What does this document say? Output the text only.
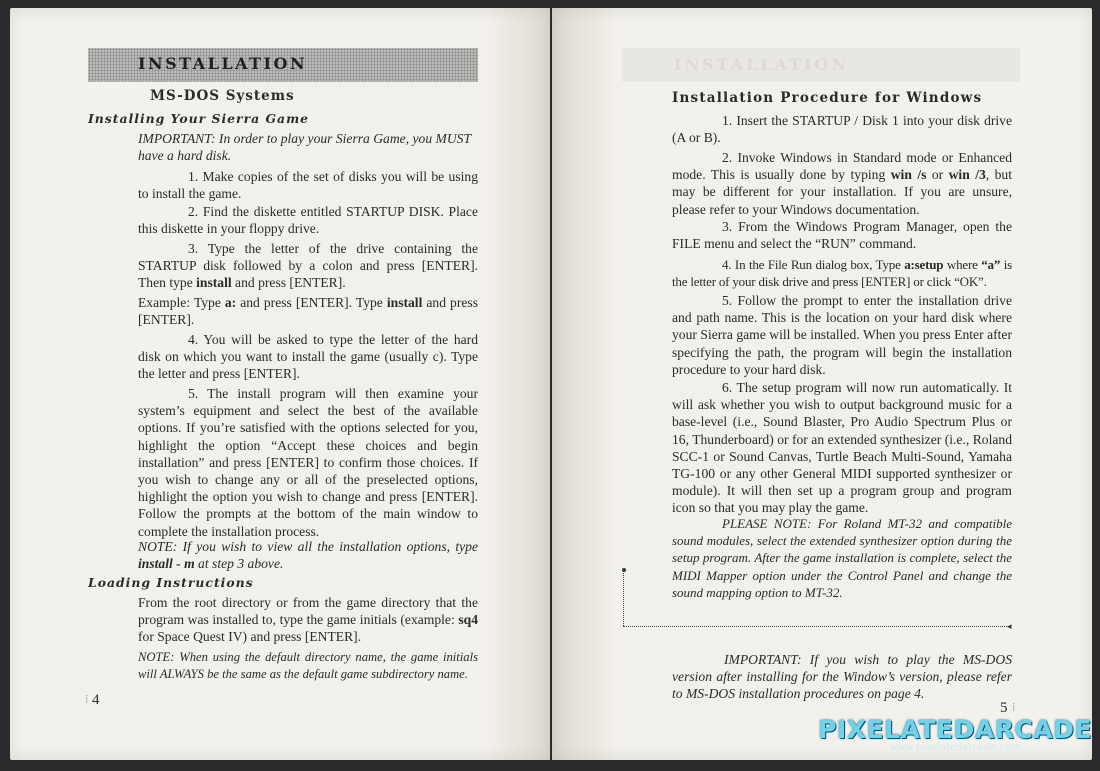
INSTALLATION
MS-DOS Systems
Installing Your Sierra Game
IMPORTANT: In order to play your Sierra Game, you MUST
have a hard disk.
1. Make copies of the set of disks you will be using to install the game.
2. Find the diskette entitled STARTUP DISK. Place this diskette in your floppy drive.
3. Type the letter of the drive containing the STARTUP disk followed by a colon and press [ENTER]. Then type install and press [ENTER].
Example: Type a: and press [ENTER]. Type install and press [ENTER].
4. You will be asked to type the letter of the hard disk on which you want to install the game (usually c). Type the letter and press [ENTER].
5. The install program will then examine your system’s equipment and select the best of the available options. If you’re satisfied with the options selected for you, highlight the option “Accept these choices and begin installation” and press [ENTER] to confirm those choices. If you wish to change any or all of the preselected options, highlight the option you wish to change and press [ENTER]. Follow the prompts at the bottom of the main window to complete the installation process.
NOTE: If you wish to view all the installation options, type install - m at step 3 above.
Loading Instructions
From the root directory or from the game directory that the program was installed to, type the game initials (example: sq4 for Space Quest IV) and press [ENTER].
NOTE: When using the default directory name, the game initials will ALWAYS be the same as the default game subdirectory name.
⁞ 4
INSTALLATION
Installation Procedure for Windows
1. Insert the STARTUP / Disk 1 into your disk drive (A or B).
2. Invoke Windows in Standard mode or Enhanced mode. This is usually done by typing win /s or win /3, but may be different for your installation. If you are unsure, please refer to your Windows documentation.
3. From the Windows Program Manager, open the FILE menu and select the “RUN” command.
4. In the File Run dialog box, Type a:setup where “a” is the letter of your disk drive and press [ENTER] or click “OK”.
5. Follow the prompt to enter the installation drive and path name. This is the location on your hard disk where your Sierra game will be installed. When you press Enter after specifying the path, the program will begin the installation procedure to your hard disk.
6. The setup program will now run automatically. It will ask whether you wish to output background music for a base-level (i.e., Sound Blaster, Pro Audio Spectrum Plus or 16, Thunderboard) or for an extended synthesizer (i.e., Roland SCC-1 or Sound Canvas, Turtle Beach Multi-Sound, Yamaha TG-100 or any other General MIDI supported synthesizer or module). It will then set up a program group and program icon so that you may play the game.
PLEASE NOTE: For Roland MT-32 and compatible sound modules, select the extended synthesizer option during the setup program. After the game installation is complete, select the MIDI Mapper option under the Control Panel and change the sound mapping option to MT-32.
◂
IMPORTANT: If you wish to play the MS-DOS version after installing for the Window’s version, please refer to MS-DOS installation procedures on page 4.
5 ⁞
PIXELATEDARCADE
www.pixelatedarcade.com
